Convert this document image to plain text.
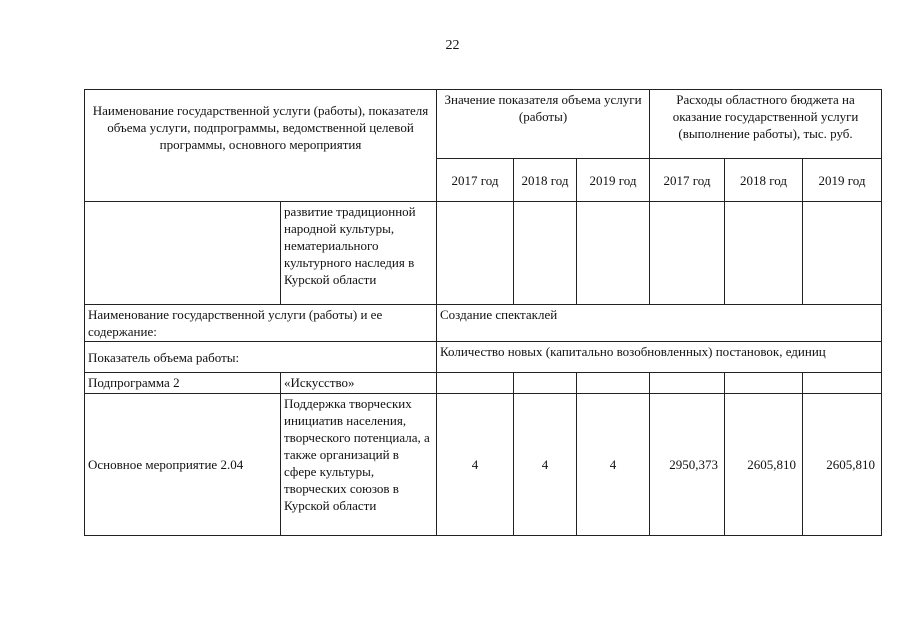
22
Наименование государственной услуги (работы), показателя объема услуги, подпрограммы, ведомственной целевой программы, основного мероприятия		Значение показателя объема услуги (работы)			Расходы областного бюджета на оказание государственной услуги (выполнение работы), тыс. руб.		
		2017 год	2018 год	2019 год	2017 год	2018 год	2019 год
	развитие традиционной народной культуры, нематериального культурного наследия в Курской области						
Наименование государственной услуги (работы) и ее содержание:		Создание спектаклей					
Показатель объема работы:		Количество новых (капитально возобновленных) постановок, единиц					
Подпрограмма 2	«Искусство»						
Основное мероприятие 2.04	Поддержка творческих инициатив населения, творческого потенциала, а также организаций в сфере культуры, творческих союзов в Курской области	4	4	4	2950,373	2605,810	2605,810
